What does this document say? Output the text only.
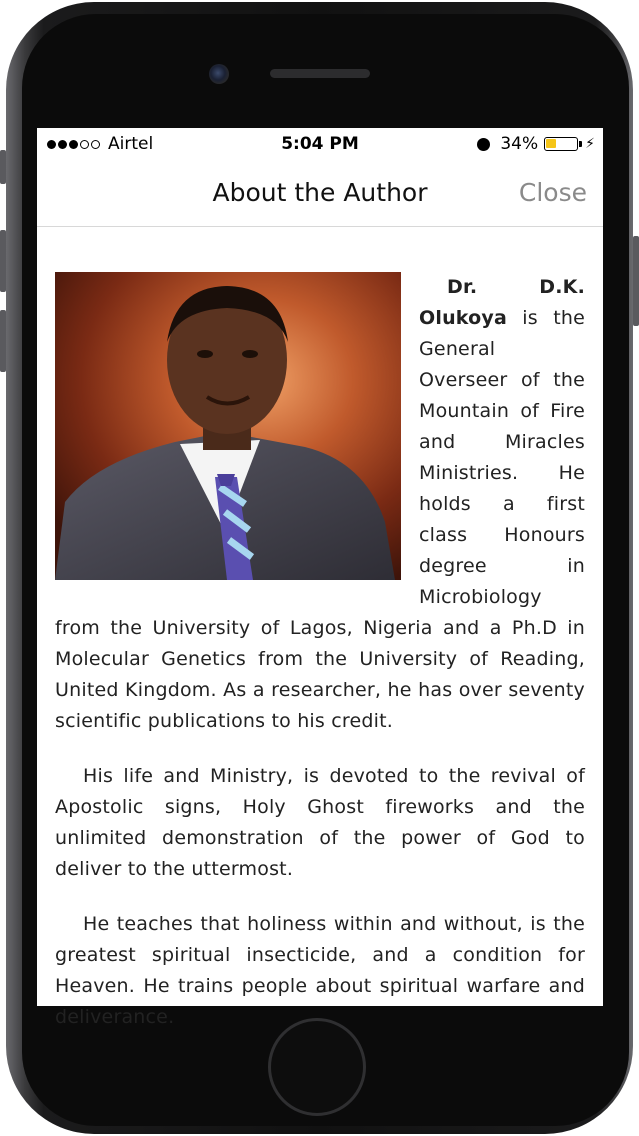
Airtel	5:04 PM	34%	⚡
About the Author	Close

Dr. D.K. Olukoya is the General Overseer of the Mountain of Fire and Miracles Ministries. He holds a first class Honours degree in Microbiology from the University of Lagos, Nigeria and a Ph.D in Molecular Genetics from the University of Reading, United Kingdom. As a researcher, he has over seventy scientific publications to his credit.

His life and Ministry, is devoted to the revival of Apostolic signs, Holy Ghost fireworks and the unlimited demonstration of the power of God to deliver to the uttermost.

He teaches that holiness within and without, is the greatest spiritual insecticide, and a condition for Heaven. He trains people about spiritual warfare and deliverance.
